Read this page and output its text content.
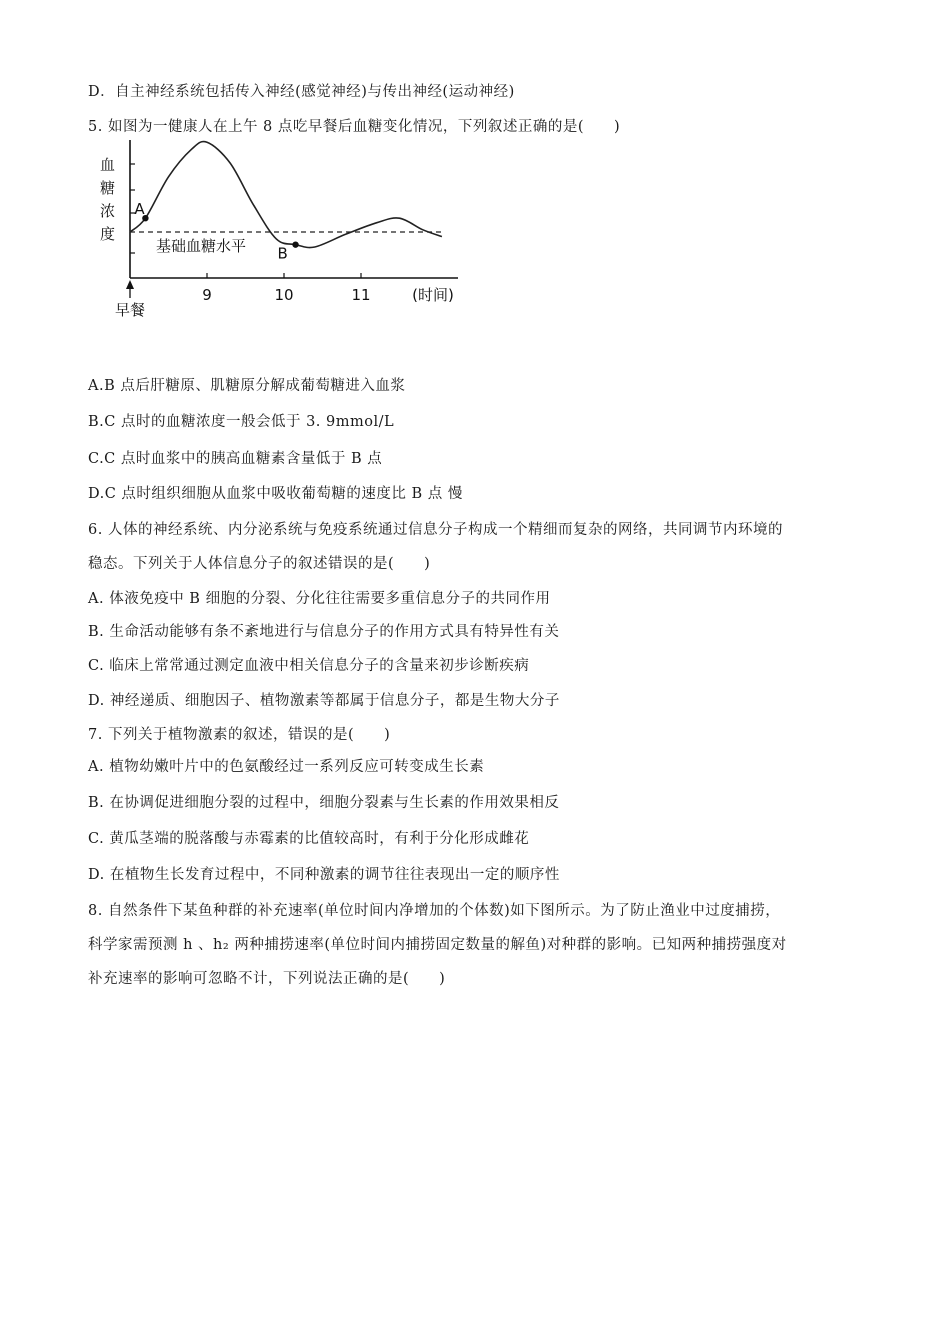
D．自主神经系统包括传入神经(感觉神经)与传出神经(运动神经)
5. 如图为一健康人在上午 8 点吃早餐后血糖变化情况，下列叙述正确的是(　　)
血
糖
浓
度
9	10	11	(时间)
早餐
基础血糖水平
A
B
A.B 点后肝糖原、肌糖原分解成葡萄糖进入血浆
B.C 点时的血糖浓度一般会低于 3. 9mmol/L
C.C 点时血浆中的胰高血糖素含量低于 B 点
D.C 点时组织细胞从血浆中吸收葡萄糖的速度比 B 点 慢
6. 人体的神经系统、内分泌系统与免疫系统通过信息分子构成一个精细而复杂的网络，共同调节内环境的
稳态。下列关于人体信息分子的叙述错误的是(　　)
A. 体液免疫中 B 细胞的分裂、分化往往需要多重信息分子的共同作用
B. 生命活动能够有条不紊地进行与信息分子的作用方式具有特异性有关
C. 临床上常常通过测定血液中相关信息分子的含量来初步诊断疾病
D. 神经递质、细胞因子、植物激素等都属于信息分子，都是生物大分子
7. 下列关于植物激素的叙述，错误的是(　　)
A. 植物幼嫩叶片中的色氨酸经过一系列反应可转变成生长素
B. 在协调促进细胞分裂的过程中，细胞分裂素与生长素的作用效果相反
C. 黄瓜茎端的脱落酸与赤霉素的比值较高时，有利于分化形成雌花
D. 在植物生长发育过程中，不同种激素的调节往往表现出一定的顺序性
8. 自然条件下某鱼种群的补充速率(单位时间内净增加的个体数)如下图所示。为了防止渔业中过度捕捞，
科学家需预测 h 、h₂ 两种捕捞速率(单位时间内捕捞固定数量的解鱼)对种群的影响。已知两种捕捞强度对
补充速率的影响可忽略不计，下列说法正确的是(　　)
